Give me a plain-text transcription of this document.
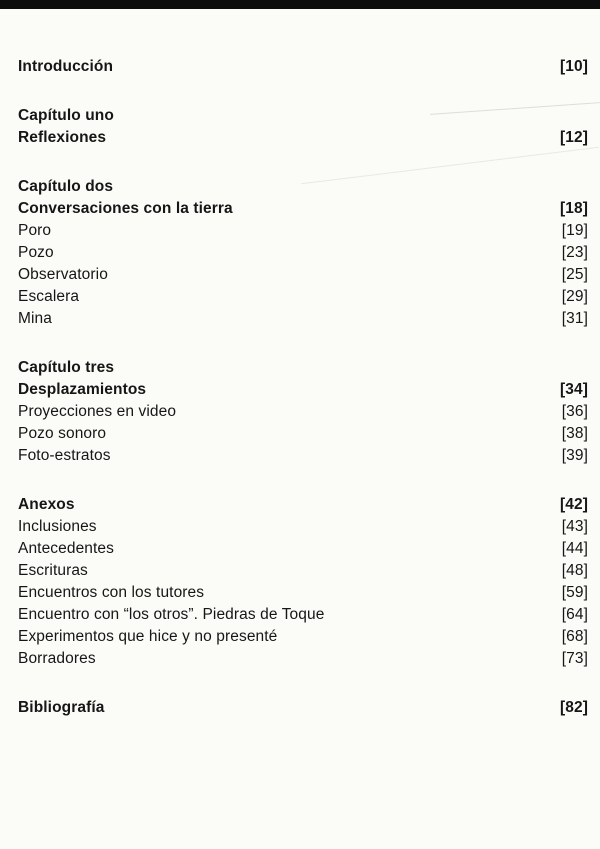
Introducción	[10]
Capítulo uno
Reflexiones	[12]
Capítulo dos
Conversaciones con la tierra	[18]
Poro	[19]
Pozo	[23]
Observatorio	[25]
Escalera	[29]
Mina	[31]
Capítulo tres
Desplazamientos	[34]
Proyecciones en video	[36]
Pozo sonoro	[38]
Foto-estratos	[39]
Anexos	[42]
Inclusiones	[43]
Antecedentes	[44]
Escrituras	[48]
Encuentros con los tutores	[59]
Encuentro con “los otros”. Piedras de Toque	[64]
Experimentos que hice y no presenté	[68]
Borradores	[73]
Bibliografía	[82]
